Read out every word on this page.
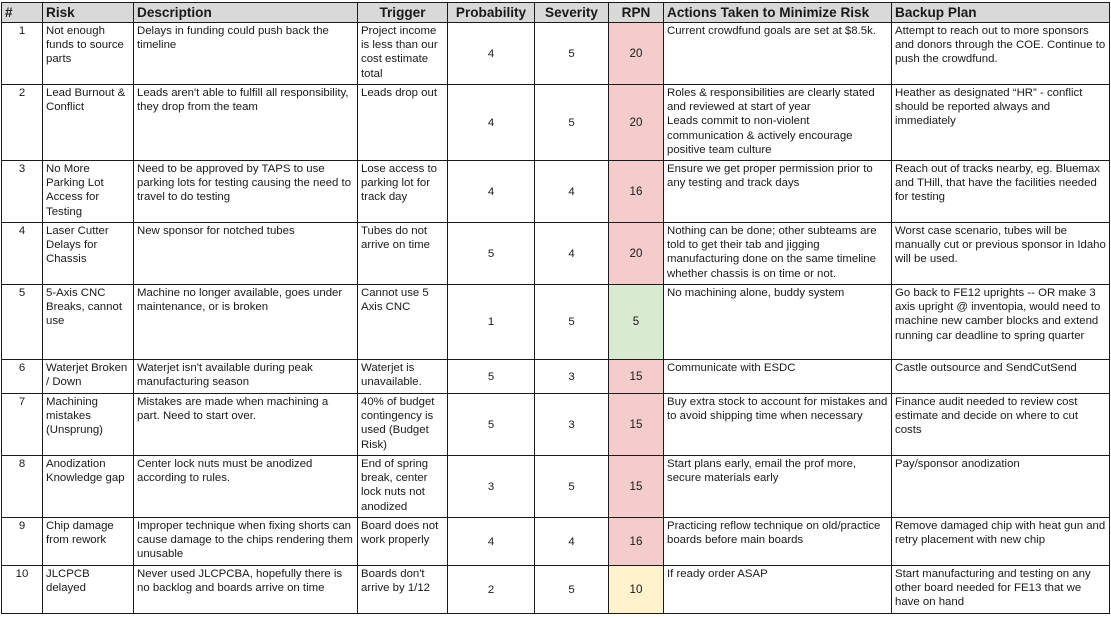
#	Risk	Description	Trigger	Probability	Severity	RPN	Actions Taken to Minimize Risk	Backup Plan
1	Not enough funds to source parts	Delays in funding could push back the timeline	Project income is less than our cost estimate total	4	5	20	Current crowdfund goals are set at $8.5k.	Attempt to reach out to more sponsors and donors through the COE. Continue to push the crowdfund.
2	Lead Burnout & Conflict	Leads aren't able to fulfill all responsibility, they drop from the team	Leads drop out	4	5	20	Roles & responsibilities are clearly stated and reviewed at start of year
Leads commit to non-violent communication & actively encourage positive team culture	Heather as designated “HR” - conflict should be reported always and immediately
3	No More Parking Lot Access for Testing	Need to be approved by TAPS to use parking lots for testing causing the need to travel to do testing	Lose access to parking lot for track day	4	4	16	Ensure we get proper permission prior to any testing and track days	Reach out of tracks nearby, eg. Bluemax and THill, that have the facilities needed for testing
4	Laser Cutter Delays for Chassis	New sponsor for notched tubes	Tubes do not arrive on time	5	4	20	Nothing can be done; other subteams are told to get their tab and jigging manufacturing done on the same timeline whether chassis is on time or not.	Worst case scenario, tubes will be manually cut or previous sponsor in Idaho will be used.
5	5-Axis CNC Breaks, cannot use	Machine no longer available, goes under maintenance, or is broken	Cannot use 5 Axis CNC	1	5	5	No machining alone, buddy system	Go back to FE12 uprights -- OR make 3 axis upright @ inventopia, would need to machine new camber blocks and extend running car deadline to spring quarter
6	Waterjet Broken / Down	Waterjet isn't available during peak manufacturing season	Waterjet is unavailable.	5	3	15	Communicate with ESDC	Castle outsource and SendCutSend
7	Machining mistakes (Unsprung)	Mistakes are made when machining a part. Need to start over.	40% of budget contingency is used (Budget Risk)	5	3	15	Buy extra stock to account for mistakes and to avoid shipping time when necessary	Finance audit needed to review cost estimate and decide on where to cut costs
8	Anodization Knowledge gap	Center lock nuts must be anodized according to rules.	End of spring break, center lock nuts not anodized	3	5	15	Start plans early, email the prof more, secure materials early	Pay/sponsor anodization
9	Chip damage from rework	Improper technique when fixing shorts can cause damage to the chips rendering them unusable	Board does not work properly	4	4	16	Practicing reflow technique on old/practice boards before main boards	Remove damaged chip with heat gun and retry placement with new chip
10	JLCPCB delayed	Never used JLCPCBA, hopefully there is no backlog and boards arrive on time	Boards don't arrive by 1/12	2	5	10	If ready order ASAP	Start manufacturing and testing on any other board needed for FE13 that we have on hand
